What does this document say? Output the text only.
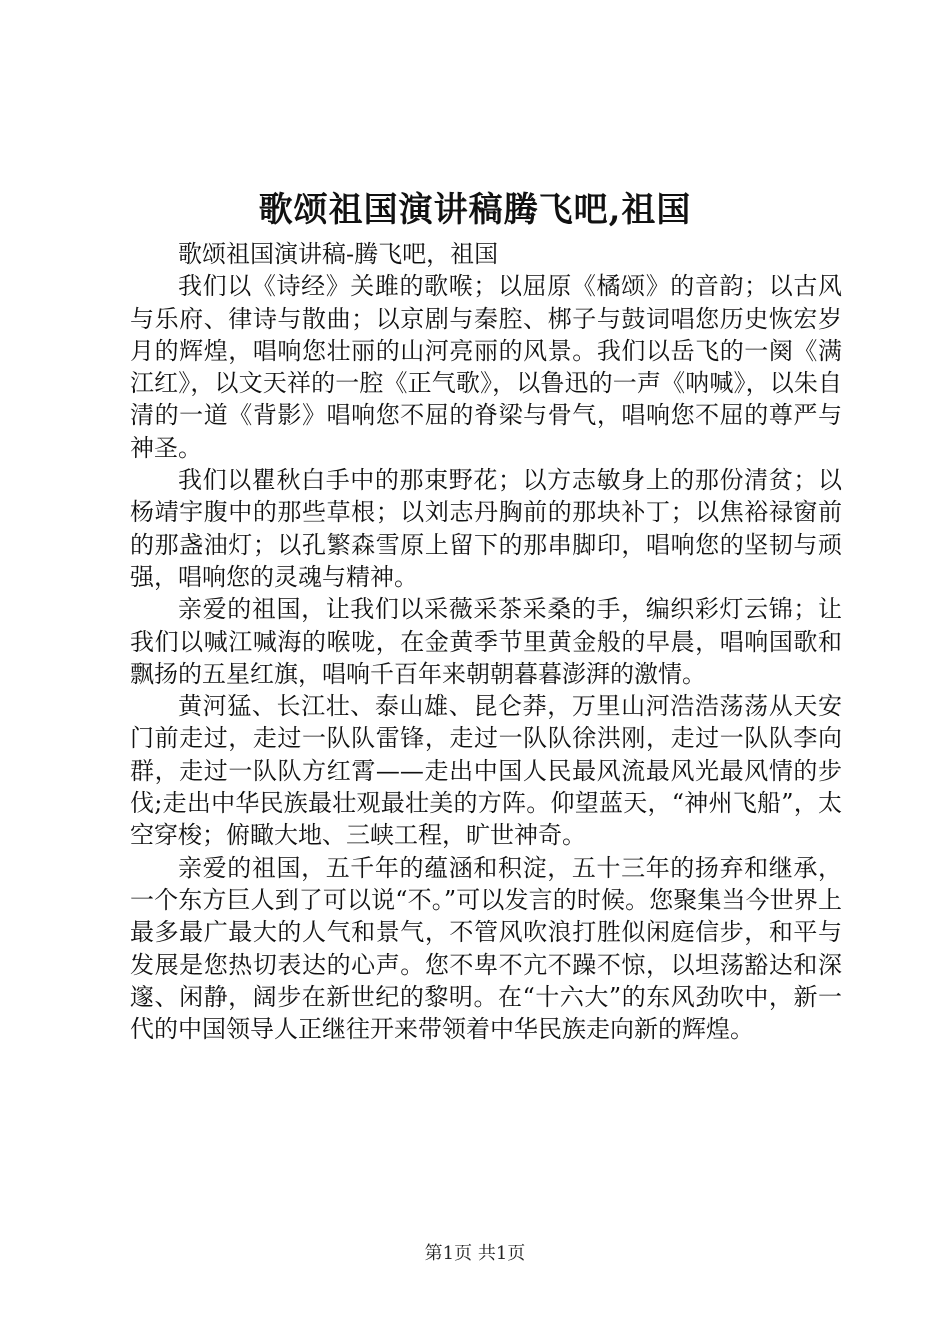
歌颂祖国演讲稿腾飞吧,祖国

歌颂祖国演讲稿-腾飞吧，祖国

我们以《诗经》关雎的歌喉；以屈原《橘颂》的音韵；以古风与乐府、律诗与散曲；以京剧与秦腔、梆子与鼓词唱您历史恢宏岁月的辉煌，唱响您壮丽的山河亮丽的风景。我们以岳飞的一阕《满江红》，以文天祥的一腔《正气歌》，以鲁迅的一声《呐喊》，以朱自清的一道《背影》唱响您不屈的脊梁与骨气，唱响您不屈的尊严与神圣。

我们以瞿秋白手中的那束野花；以方志敏身上的那份清贫；以杨靖宇腹中的那些草根；以刘志丹胸前的那块补丁；以焦裕禄窗前的那盏油灯；以孔繁森雪原上留下的那串脚印，唱响您的坚韧与顽强，唱响您的灵魂与精神。

亲爱的祖国，让我们以采薇采茶采桑的手，编织彩灯云锦；让我们以喊江喊海的喉咙，在金黄季节里黄金般的早晨，唱响国歌和飘扬的五星红旗，唱响千百年来朝朝暮暮澎湃的激情。

黄河猛、长江壮、泰山雄、昆仑莽，万里山河浩浩荡荡从天安门前走过，走过一队队雷锋，走过一队队徐洪刚，走过一队队李向群，走过一队队方红霄——走出中国人民最风流最风光最风情的步伐;走出中华民族最壮观最壮美的方阵。仰望蓝天，“神州飞船”，太空穿梭；俯瞰大地、三峡工程，旷世神奇。

亲爱的祖国，五千年的蕴涵和积淀，五十三年的扬弃和继承，一个东方巨人到了可以说“不。”可以发言的时候。您聚集当今世界上最多最广最大的人气和景气，不管风吹浪打胜似闲庭信步，和平与发展是您热切表达的心声。您不卑不亢不躁不惊，以坦荡豁达和深邃、闲静，阔步在新世纪的黎明。在“十六大”的东风劲吹中，新一代的中国领导人正继往开来带领着中华民族走向新的辉煌。

第1页 共1页
